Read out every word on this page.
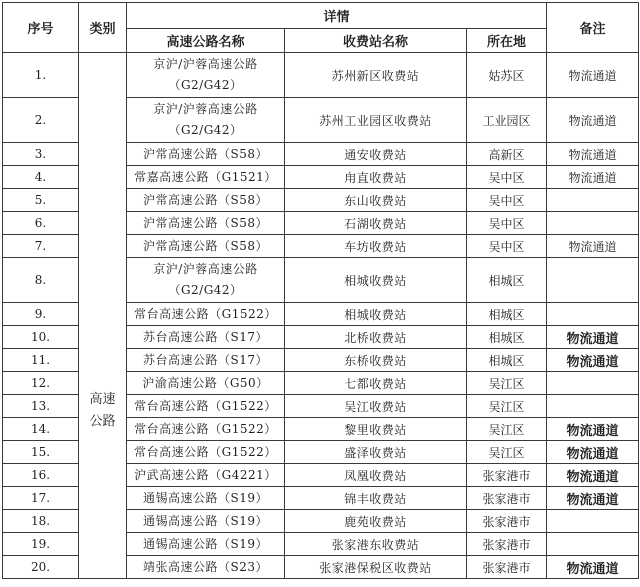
序号	类别	详情			备注
		高速公路名称	收费站名称	所在地	
1.	高速公路	京沪/沪蓉高速公路（G2/G42）	苏州新区收费站	姑苏区	物流通道
2.		京沪/沪蓉高速公路（G2/G42）	苏州工业园区收费站	工业园区	物流通道
3.		沪常高速公路（S58）	通安收费站	高新区	物流通道
4.		常嘉高速公路（G1521）	甪直收费站	吴中区	物流通道
5.		沪常高速公路（S58）	东山收费站	吴中区	
6.		沪常高速公路（S58）	石湖收费站	吴中区	
7.		沪常高速公路（S58）	车坊收费站	吴中区	物流通道
8.		京沪/沪蓉高速公路（G2/G42）	相城收费站	相城区	
9.		常台高速公路（G1522）	相城收费站	相城区	
10.		苏台高速公路（S17）	北桥收费站	相城区	物流通道
11.		苏台高速公路（S17）	东桥收费站	相城区	物流通道
12.		沪渝高速公路（G50）	七都收费站	吴江区	
13.		常台高速公路（G1522）	吴江收费站	吴江区	
14.		常台高速公路（G1522）	黎里收费站	吴江区	物流通道
15.		常台高速公路（G1522）	盛泽收费站	吴江区	物流通道
16.		沪武高速公路（G4221）	凤凰收费站	张家港市	物流通道
17.		通锡高速公路（S19）	锦丰收费站	张家港市	物流通道
18.		通锡高速公路（S19）	鹿苑收费站	张家港市	
19.		通锡高速公路（S19）	张家港东收费站	张家港市	
20.		靖张高速公路（S23）	张家港保税区收费站	张家港市	物流通道
